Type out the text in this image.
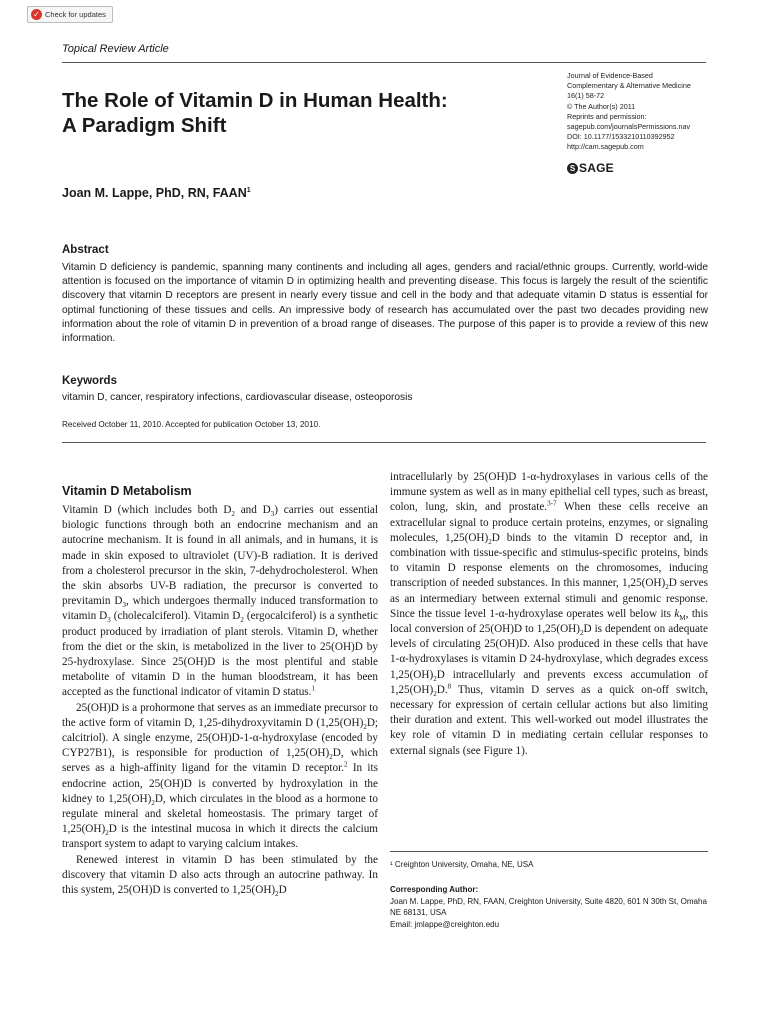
✓ Check for updates
Topical Review Article
The Role of Vitamin D in Human Health:
A Paradigm Shift
Journal of Evidence-Based
Complementary & Alternative Medicine
16(1) 58-72
© The Author(s) 2011
Reprints and permission:
sagepub.com/journalsPermissions.nav
DOI: 10.1177/1533210110392952
http://cam.sagepub.com
S SAGE
Joan M. Lappe, PhD, RN, FAAN$^1$
Abstract
Vitamin D deficiency is pandemic, spanning many continents and including all ages, genders and racial/ethnic groups. Currently, world-wide attention is focused on the importance of vitamin D in optimizing health and preventing disease. This focus is largely the result of the scientific discovery that vitamin D receptors are present in nearly every tissue and cell in the body and that adequate vitamin D status is essential for optimal functioning of these tissues and cells. An impressive body of research has accumulated over the past two decades providing new information about the role of vitamin D in prevention of a broad range of diseases. The purpose of this paper is to provide a review of this new information.
Keywords
vitamin D, cancer, respiratory infections, cardiovascular disease, osteoporosis
Received October 11, 2010. Accepted for publication October 13, 2010.
Vitamin D Metabolism

Vitamin D (which includes both $D_2$ and $D_3$) carries out essential biologic functions through both an endocrine mechanism and an autocrine mechanism. It is found in all animals, and in humans, it is made in skin exposed to ultraviolet (UV)-B radiation. It is derived from a cholesterol precursor in the skin, 7-dehydrocholesterol. When the skin absorbs UV-B radiation, the precursor is converted to previtamin $D_3$, which undergoes thermally induced transformation to vitamin $D_3$ (cholecalciferol). Vitamin $D_2$ (ergocalciferol) is a synthetic product produced by irradiation of plant sterols. Vitamin D, whether from the diet or the skin, is metabolized in the liver to 25(OH)D by 25-hydroxylase. Since 25(OH)D is the most plentiful and stable metabolite of vitamin D in the human bloodstream, it has been accepted as the functional indicator of vitamin D status.$^1$

25(OH)D is a prohormone that serves as an immediate precursor to the active form of vitamin D, 1,25-dihydroxyvitamin D ($1,25(OH)_2D$; calcitriol). A single enzyme, 25(OH)D-1-α-hydroxylase (encoded by CYP27B1), is responsible for production of $1,25(OH)_2D$, which serves as a high-affinity ligand for the vitamin D receptor.$^2$ In its endocrine action, 25(OH)D is converted by hydroxylation in the kidney to $1,25(OH)_2D$, which circulates in the blood as a hormone to regulate mineral and skeletal homeostasis. The primary target of $1,25(OH)_2D$ is the intestinal mucosa in which it directs the calcium transport system to adapt to varying calcium intakes.

Renewed interest in vitamin D has been stimulated by the discovery that vitamin D also acts through an autocrine pathway. In this system, 25(OH)D is converted to $1,25(OH)_2D$

intracellularly by 25(OH)D 1-α-hydroxylases in various cells of the immune system as well as in many epithelial cell types, such as breast, colon, lung, skin, and prostate.$^{3-7}$ When these cells receive an extracellular signal to produce certain proteins, enzymes, or signaling molecules, $1,25(OH)_2D$ binds to the vitamin D receptor and, in combination with tissue-specific and stimulus-specific proteins, binds to vitamin D response elements on the chromosomes, inducing transcription of needed substances. In this manner, $1,25(OH)_2D$ serves as an intermediary between external stimuli and genomic response. Since the tissue level 1-α-hydroxylase operates well below its $k_M$, this local conversion of 25(OH)D to $1,25(OH)_2D$ is dependent on adequate levels of circulating 25(OH)D. Also produced in these cells that have 1-α-hydroxylases is vitamin D 24-hydroxylase, which degrades excess $1,25(OH)_2D$ intracellularly and prevents excess accumulation of $1,25(OH)_2D.^8$ Thus, vitamin D serves as a quick on-off switch, necessary for expression of certain cellular actions but also limiting their duration and extent. This well-worked out model illustrates the key role of vitamin D in mediating certain cellular responses to external signals (see Figure 1).

¹ Creighton University, Omaha, NE, USA
Corresponding Author:
Joan M. Lappe, PhD, RN, FAAN, Creighton University, Suite 4820, 601 N 30th St, Omaha NE 68131, USA
Email: jmlappe@creighton.edu
